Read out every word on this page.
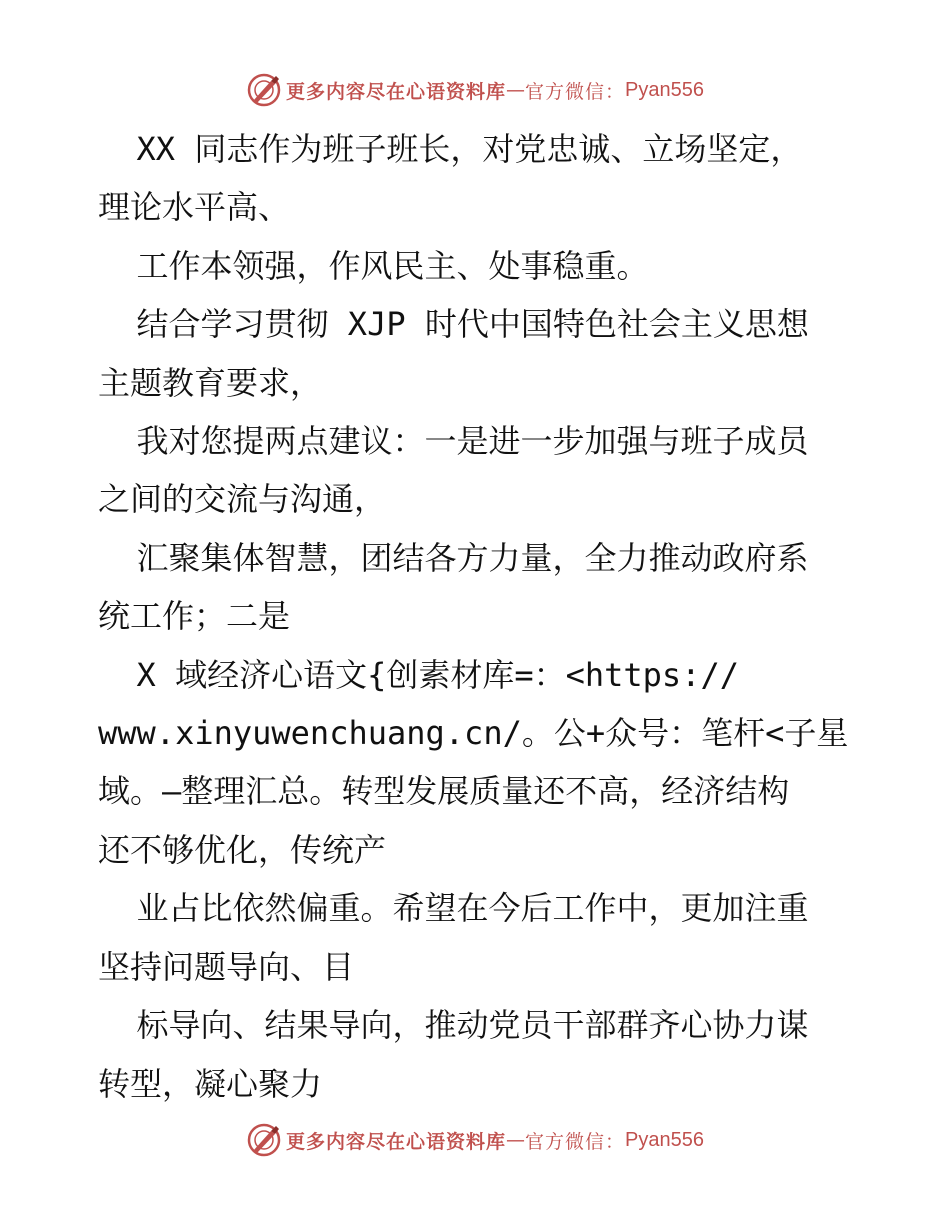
更多内容尽在心语资料库 — 官方微信： Pyan556

XX 同志作为班子班长，对党忠诚、立场坚定，

理论水平高、

工作本领强，作风民主、处事稳重。

结合学习贯彻 XJP 时代中国特色社会主义思想

主题教育要求，

我对您提两点建议：一是进一步加强与班子成员

之间的交流与沟通，

汇聚集体智慧，团结各方力量，全力推动政府系

统工作；二是

X 域经济心语文{创素材库=：<https://

www.xinyuwenchuang.cn/。公+众号：笔杆<子星

域。—整理汇总。转型发展质量还不高，经济结构

还不够优化，传统产

业占比依然偏重。希望在今后工作中，更加注重

坚持问题导向、目

标导向、结果导向，推动党员干部群齐心协力谋

转型，凝心聚力

更多内容尽在心语资料库 — 官方微信： Pyan556
